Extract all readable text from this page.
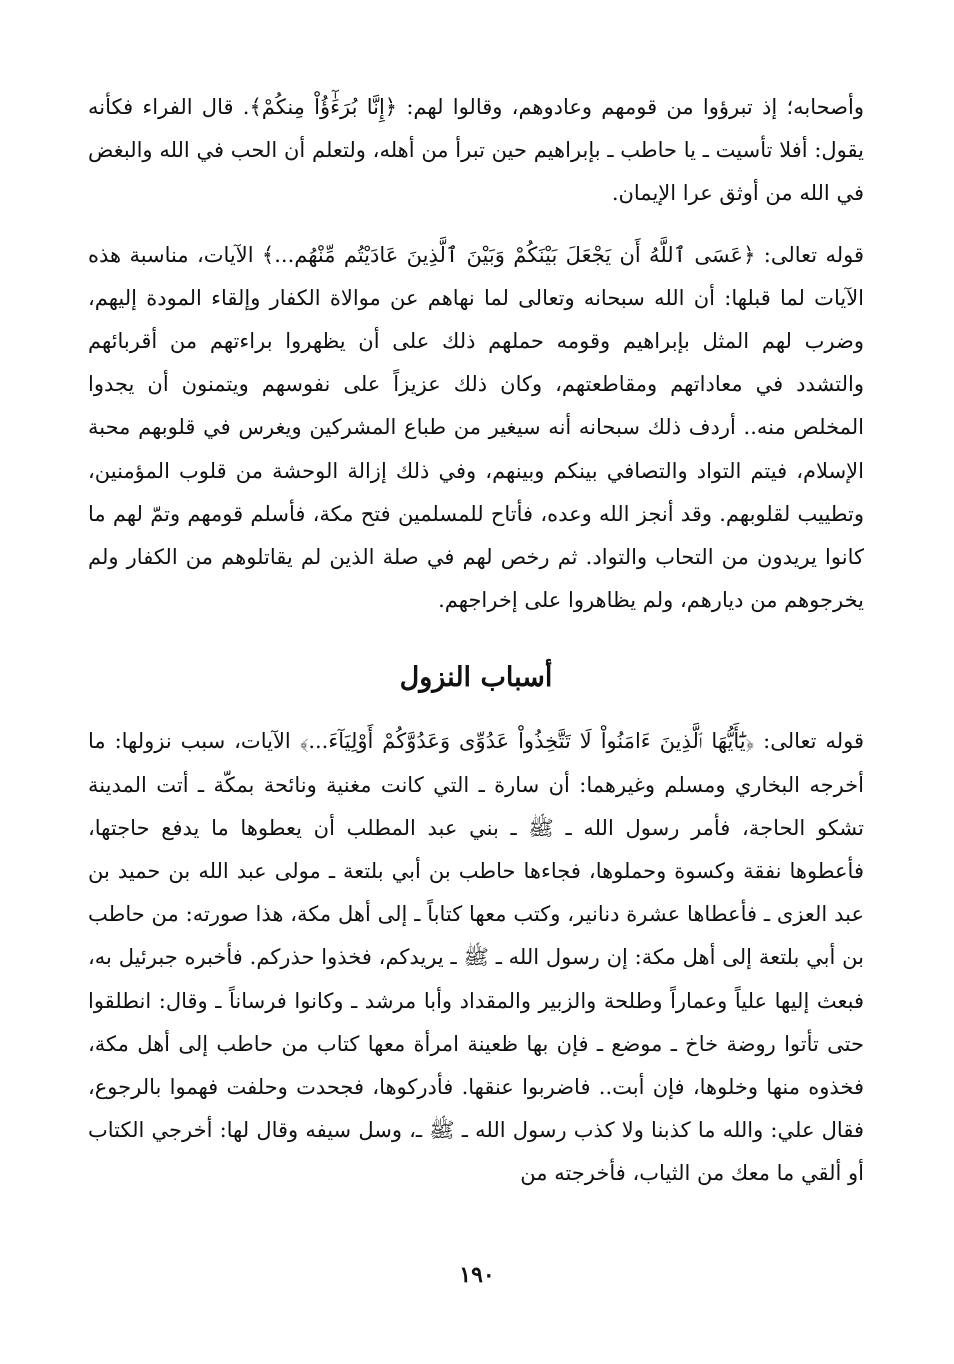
وأصحابه؛ إذ تبرؤوا من قومهم وعادوهم، وقالوا لهم: ﴿إِنَّا بُرَءَٰٓؤُاْ مِنكُمْ﴾. قال الفراء فكأنه يقول: أفلا تأسيت ـ يا حاطب ـ بإبراهيم حين تبرأ من أهله، ولتعلم أن الحب في الله والبغض في الله من أوثق عرا الإيمان.

قوله تعالى: ﴿عَسَى ٱللَّهُ أَن يَجْعَلَ بَيْنَكُمْ وَبَيْنَ ٱلَّذِينَ عَادَيْتُم مِّنْهُم...﴾ الآيات، مناسبة هذه الآيات لما قبلها: أن الله سبحانه وتعالى لما نهاهم عن موالاة الكفار وإلقاء المودة إليهم، وضرب لهم المثل بإبراهيم وقومه حملهم ذلك على أن يظهروا براءتهم من أقربائهم والتشدد في معاداتهم ومقاطعتهم، وكان ذلك عزيزاً على نفوسهم ويتمنون أن يجدوا المخلص منه.. أردف ذلك سبحانه أنه سيغير من طباع المشركين ويغرس في قلوبهم محبة الإسلام، فيتم التواد والتصافي بينكم وبينهم، وفي ذلك إزالة الوحشة من قلوب المؤمنين، وتطييب لقلوبهم. وقد أنجز الله وعده، فأتاح للمسلمين فتح مكة، فأسلم قومهم وتمّ لهم ما كانوا يريدون من التحاب والتواد. ثم رخص لهم في صلة الذين لم يقاتلوهم من الكفار ولم يخرجوهم من ديارهم، ولم يظاهروا على إخراجهم.

أسباب النزول

قوله تعالى: ﴿يَٰٓأَيُّهَا ٱلَّذِينَ ءَامَنُواْ لَا تَتَّخِذُواْ عَدُوِّى وَعَدُوَّكُمْ أَوْلِيَآءَ...﴾ الآيات، سبب نزولها: ما أخرجه البخاري ومسلم وغيرهما: أن سارة ـ التي كانت مغنية ونائحة بمكّة ـ أتت المدينة تشكو الحاجة، فأمر رسول الله ـ ﷺ ـ بني عبد المطلب أن يعطوها ما يدفع حاجتها، فأعطوها نفقة وكسوة وحملوها، فجاءها حاطب بن أبي بلتعة ـ مولى عبد الله بن حميد بن عبد العزى ـ فأعطاها عشرة دنانير، وكتب معها كتاباً ـ إلى أهل مكة، هذا صورته: من حاطب بن أبي بلتعة إلى أهل مكة: إن رسول الله ـ ﷺ ـ يريدكم، فخذوا حذركم. فأخبره جبرئيل به، فبعث إليها علياً وعماراً وطلحة والزبير والمقداد وأبا مرشد ـ وكانوا فرساناً ـ وقال: انطلقوا حتى تأتوا روضة خاخ ـ موضع ـ فإن بها ظعينة امرأة معها كتاب من حاطب إلى أهل مكة، فخذوه منها وخلوها، فإن أبت.. فاضربوا عنقها. فأدركوها، فجحدت وحلفت فهموا بالرجوع، فقال علي: والله ما كذبنا ولا كذب رسول الله ـ ﷺ ـ، وسل سيفه وقال لها: أخرجي الكتاب أو ألقي ما معك من الثياب، فأخرجته من

١٩٠
